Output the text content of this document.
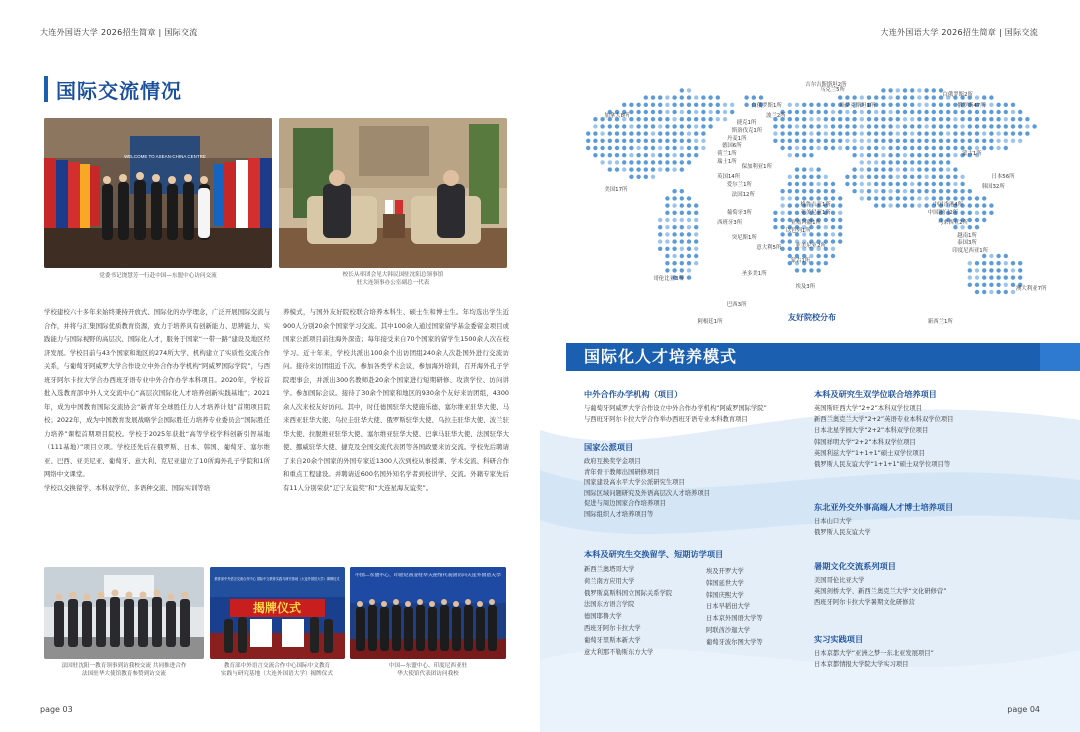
大连外国语大学 2026招生简章 | 国际交流
国际交流情况
WELCOME TO ASEAN-CHINA CENTRE
党委书记饶慧芳一行赴中国—东盟中心访问交流	校长从率团会见大韩民国驻沈阳总领事馆
驻大连领事办公室副总一代表
学校建校六十多年来始终秉持开放式、国际化的办学理念，广泛开展国际交流与合作，并将与汇集国际优质教育资源，致力于培养具有创新能力、思辨能力、实践能力与国际视野的高层次、国际化人才，服务于国家“一带一路”建设及地区经济发展。学校目前与43个国家和地区的274所大学、机构建立了实质性交流合作关系，与葡萄牙阿威罗大学合作设立中外合作办学机构“阿威罗国际学院”，与西班牙阿尔卡拉大学合办西班牙语专业中外合作办学本科项目。2020年，学校首批入选教育部中外人文交流中心“高层次国际化人才培养创新实践基地”；2021年，成为中国教育国际交流协会“新青年全球胜任力人才培养计划”首期项目院校；2022年，成为中国教育发展战略学会国际胜任力培养专业委员会“国际胜任力培养”课程首期项目院校。学校于2025年获批“高等学校学科创新引智基地（111基地）”项目立项。学校还先后在俄罗斯、日本、韩国、葡萄牙、塞尔维亚、巴西、亚美尼亚、葡萄牙、意大利、克尼亚建立了10所海外孔子学院和1所网络中文课堂。
学校以交换留学、本科双学位、多语种交流、国际实训等培
养模式，与国外友好院校联合培养本科生、硕士生和博士生。年均选出学生近900人分别20余个国家学习交流。其中100余人通过国家留学基金委留金项目或国家公派项目前往海外深造；每年接受来自70个国家的留学生1500余人次在校学习。近十年来，学校共派出100余个出访团组240余人次赴国外进行交流访问。接待来访团组近千次。参加各类学术会议，参加海外培训，召开海外孔子学院理事会，并派出300名教师赴20余个国家进行短期研修、攻读学位、访问讲学。参加国际会议。接待了30余个国家和地区的930余个友好来访团组，4300余人次来校友好访问。其中，时任德国驻华大使施乐德、塞尔维亚驻华大使、马来西亚驻华大使、乌拉圭驻华大使、俄罗斯驻华大使、乌拉圭驻华大使、波兰驻华大使、拉脱维亚驻华大使、塞尔维亚驻华大使、巴拿马驻华大使、法国驻华大使、挪威驻华大使、捷克及全国交流代表团等各国政要来访交流。学校先后聘请了来自20余个国家的外国专家近1300人次到校从事授课、学术交流、科研合作和重点工程建设。并聘请近600名国外知名学者到校讲学、交流。外籍专家先后有11人分别荣获“辽宁友谊奖”和“大连星海友谊奖”。
法国驻沈阳一教育领事到访我校交流 共同推进合作
法国驻华大使馆教育参赞到访交流
教育部中外语言交流合作中心 国际中文教育实践与研究基地（大连外国语大学）揭牌仪式
揭牌仪式
教育部中外语言交流合作中心国际中文教育
实践与研究基地（大连外国语大学）揭牌仪式
中国—东盟中心、印度尼西亚驻华大使馆代表团访问大连外国语大学
中国—东盟中心、印度尼西亚驻
华大使馆代表团访问我校
page 03
大连外国语大学 2026招生简章 | 国际交流
加拿大8所
美国17所
哥伦比亚3所
巴西3所
阿根廷1所
圣多美1所
乌克兰5所
白俄罗斯1所
波兰2所
捷克1所
斯洛伐克1所
丹麦1所
德国6所
荷兰1所
瑞士1所
保加利亚1所
英国14所
爱尔兰1所
法国12所
葡萄牙3所
西班牙3所
突尼斯1所
意大利5所
吉尔吉斯斯坦2所
哈萨克斯坦1所
白俄罗斯2所
俄罗斯47所
蒙古1所
日本56所
韩国32所
中国香港4所
中国澳门2所
马来西亚2所
越南1所
泰国3所
印度尼西亚1所
格鲁吉亚1所
亚美尼亚1所
亚塞拜疆1所
以色列1所
亚美尼亚2所
蒙古1所
埃及3所	澳大利亚7所
新西兰1所
友好院校分布
page 04
国际化人才培养模式
中外合作办学机构（项目）
与葡萄牙阿威罗大学合作设立中外合作办学机构“阿威罗国际学院”
与西班牙阿尔卡拉大学合作举办西班牙语专业本科教育项目
国家公派项目
政府互换奖学金项目
青年骨干教师出国研修项目
国家建设高水平大学公派研究生项目
国际区域问题研究及外语高层次人才培养项目
促进与周边国家合作培养项目
国际组织人才培养项目等
本科及研究生交换留学、短期访学项目
新西兰奥塔哥大学
荷兰南方应用大学
俄罗斯莫斯科国立国际关系学院
法国东方语言学院
德国耶鲁大学
西班牙阿尔卡拉大学
葡萄牙里斯本新大学
意大利那不勒斯东方大学
埃及开罗大学
韩国延世大学
韩国庆熙大学
日本早稻田大学
日本京外国语大学等
阿联酋沙迦大学
葡萄牙波尔图大学等
本科及研究生双学位联合培养项目
英国斯旺西大学“2+2”本科双学位项目
新西兰奥克兰大学“2+2”英语专业本科双学位项目
日本北星学园大学“2+2”本科双学位项目
韩国祥明大学“2+2”本科双学位项目
英国利兹大学“1+1+1”硕士双学位项目
俄罗斯人民友谊大学“1+1+1”硕士双学位项目等
东北亚外交外事高端人才博士培养项目
日本山口大学
俄罗斯人民友谊大学
暑期文化交流系列项目
美国哥伦比亚大学
英国剑桥大学、新西兰奥克兰大学“文化研修营”
西班牙阿尔卡拉大学暑期文化研修营
实习实践项目
日本京都大学“亚洲之梦一东北亚发展项目”
日本京都情报大学院大学实习项目
